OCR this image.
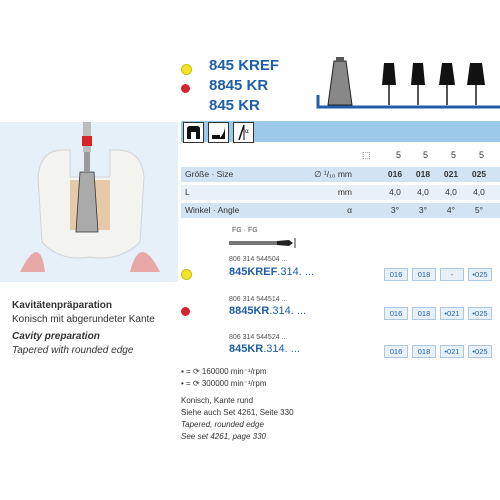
845 KREF
8845 KR
845 KR
α
⬚	5 5	5	5
Größe · Size	∅ ¹/₁₀ mm	016	018	021	025
L	mm	4,0	4,0	4,0	4,0
Winkel · Angle	α	3°	3°	4°	5°
FG · FG
806 314 544504 ...
845KREF.314. ...	016	018	-	•025
806 314 544514 ...
8845KR.314. ...	016	018	•021	•025
806 314 544524 ...
845KR.314. ...	016	018	•021	•025
Kavitätenpräparation
Konisch mit abgerundeter Kante
Cavity preparation
Tapered with rounded edge
▪ = ⟳ 160000 min⁻¹/rpm
• = ⟳ 300000 min⁻¹/rpm
Konisch, Kante rund
Siehe auch Set 4261, Seite 330
Tapered, rounded edge
See set 4261, page 330
